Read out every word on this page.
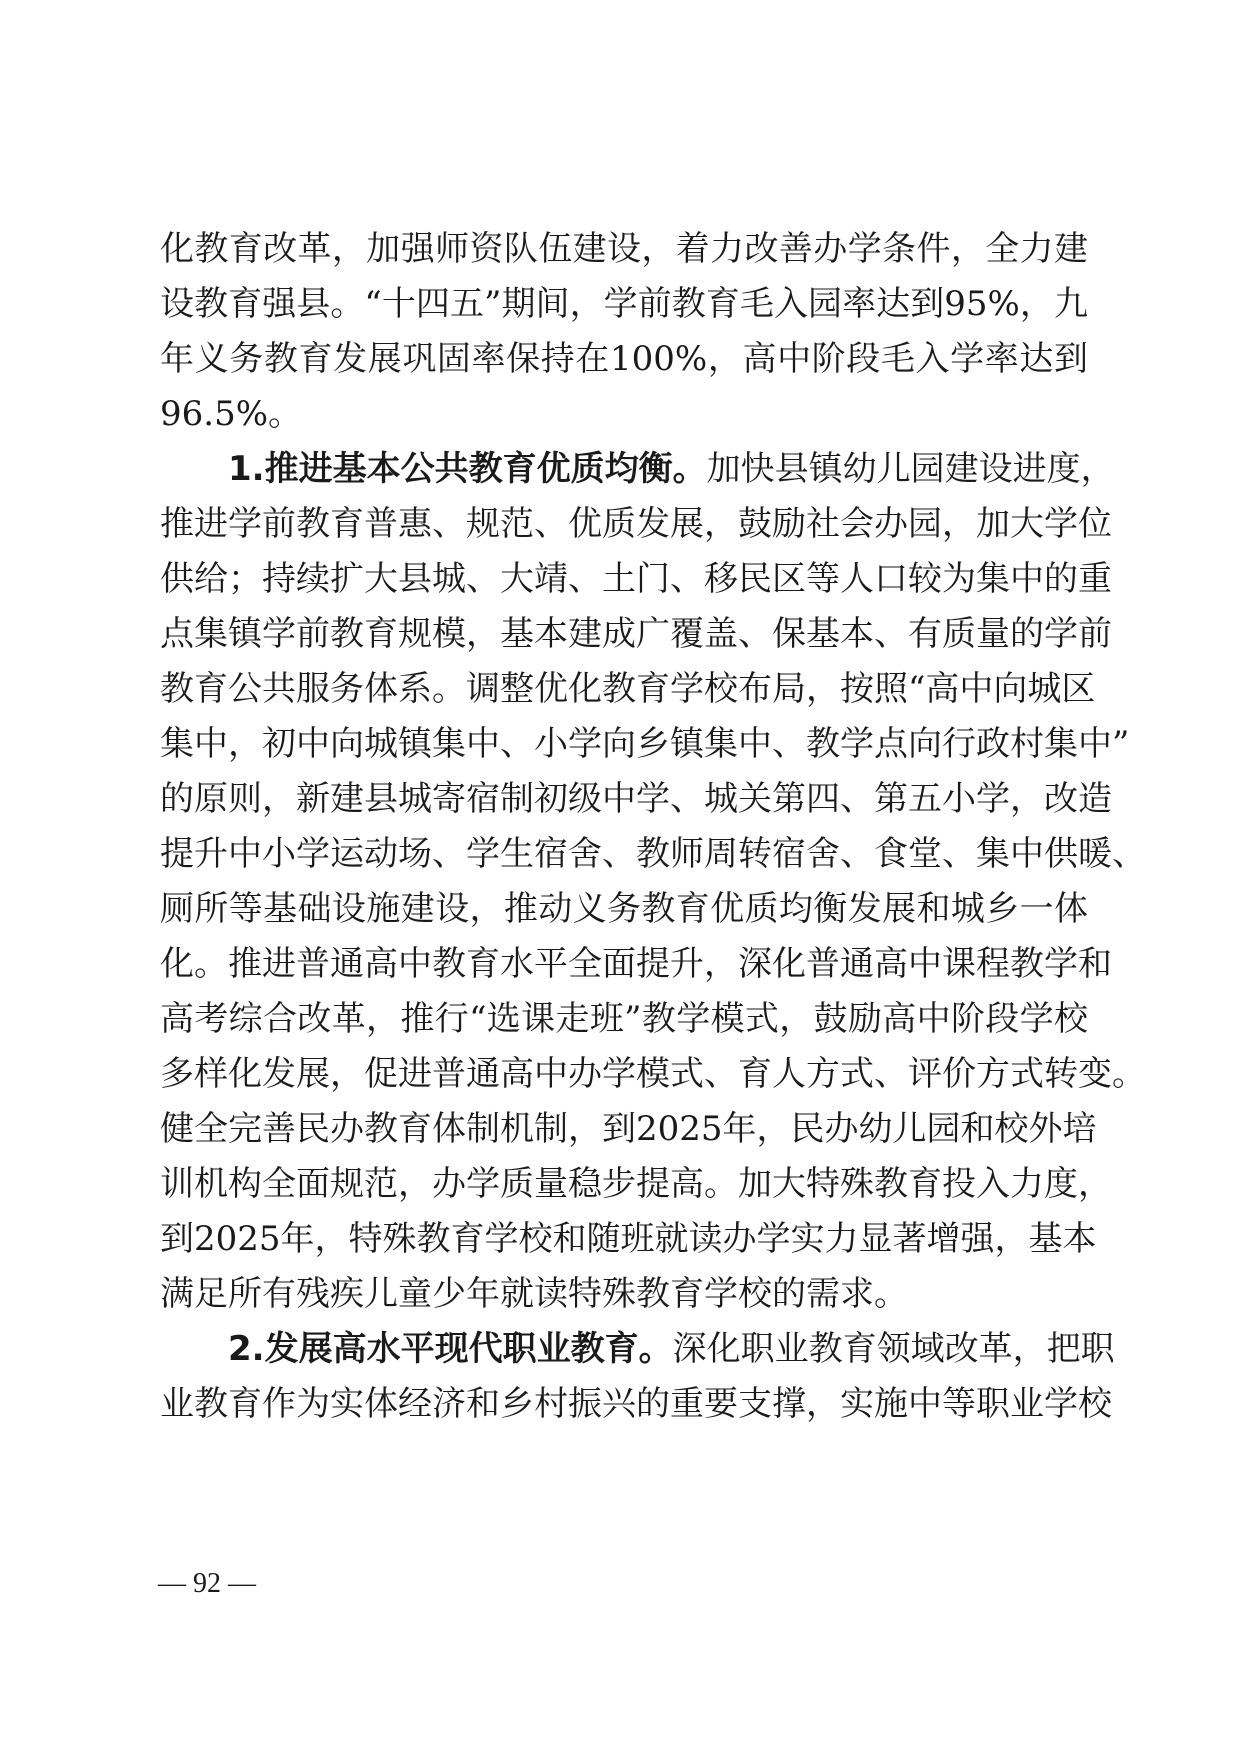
化教育改革，加强师资队伍建设，着力改善办学条件，全力建
设教育强县。“十四五”期间，学前教育毛入园率达到95%，九
年义务教育发展巩固率保持在100%，高中阶段毛入学率达到
96.5%。
1.推进基本公共教育优质均衡。加快县镇幼儿园建设进度，
推进学前教育普惠、规范、优质发展，鼓励社会办园，加大学位
供给；持续扩大县城、大靖、土门、移民区等人口较为集中的重
点集镇学前教育规模，基本建成广覆盖、保基本、有质量的学前
教育公共服务体系。调整优化教育学校布局，按照“高中向城区
集中，初中向城镇集中、小学向乡镇集中、教学点向行政村集中”
的原则，新建县城寄宿制初级中学、城关第四、第五小学，改造
提升中小学运动场、学生宿舍、教师周转宿舍、食堂、集中供暖、
厕所等基础设施建设，推动义务教育优质均衡发展和城乡一体
化。推进普通高中教育水平全面提升，深化普通高中课程教学和
高考综合改革，推行“选课走班”教学模式，鼓励高中阶段学校
多样化发展，促进普通高中办学模式、育人方式、评价方式转变。
健全完善民办教育体制机制，到2025年，民办幼儿园和校外培
训机构全面规范，办学质量稳步提高。加大特殊教育投入力度，
到2025年，特殊教育学校和随班就读办学实力显著增强，基本
满足所有残疾儿童少年就读特殊教育学校的需求。
2.发展高水平现代职业教育。深化职业教育领域改革，把职
业教育作为实体经济和乡村振兴的重要支撑，实施中等职业学校
— 92 —
